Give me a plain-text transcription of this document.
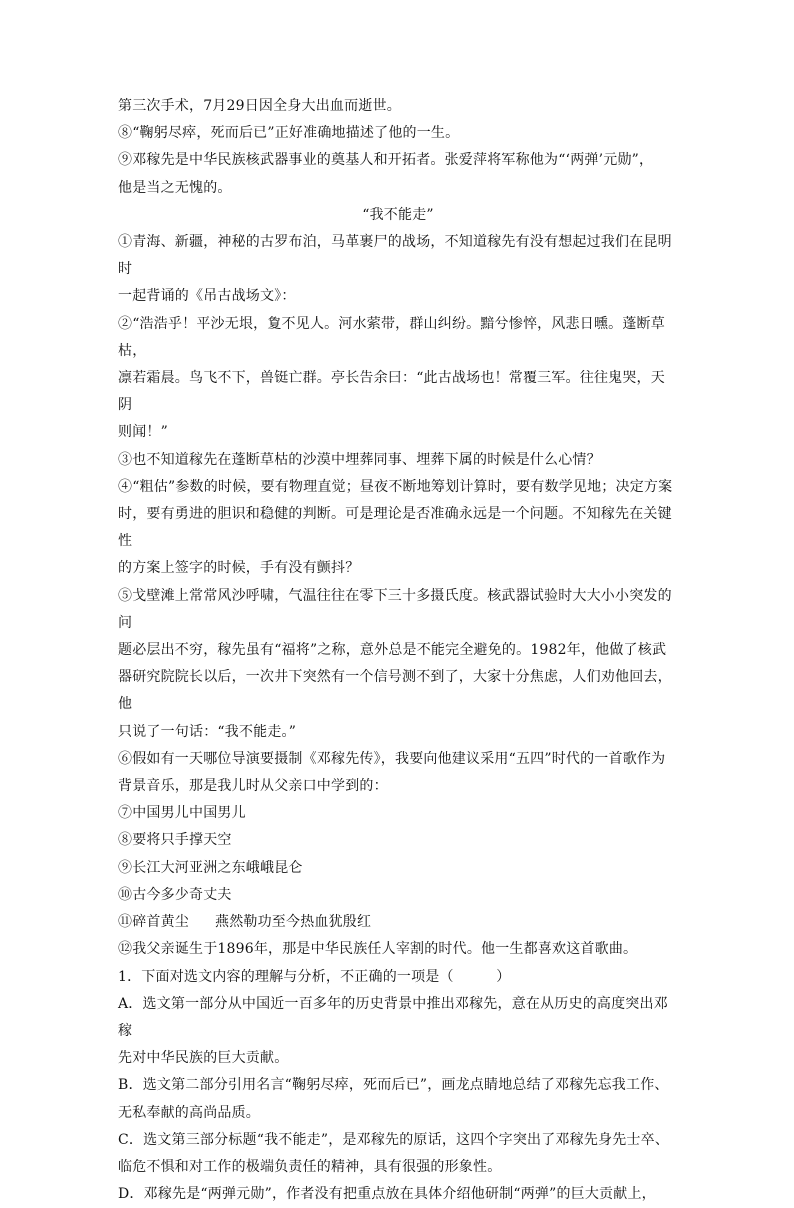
第三次手术，7月29日因全身大出血而逝世。

⑧“鞠躬尽瘁，死而后已”正好准确地描述了他的一生。

⑨邓稼先是中华民族核武器事业的奠基人和开拓者。张爱萍将军称他为“‘两弹’元勋”，

他是当之无愧的。

“我不能走”

①青海、新疆，神秘的古罗布泊，马革裹尸的战场，不知道稼先有没有想起过我们在昆明时

一起背诵的《吊古战场文》：

②“浩浩乎！平沙无垠，夐不见人。河水萦带，群山纠纷。黯兮惨悴，风悲日曛。蓬断草枯，

凛若霜晨。鸟飞不下，兽铤亡群。亭长告余曰：“此古战场也！常覆三军。往往鬼哭，天阴

则闻！”

③也不知道稼先在蓬断草枯的沙漠中埋葬同事、埋葬下属的时候是什么心情？

④“粗估”参数的时候，要有物理直觉；昼夜不断地筹划计算时，要有数学见地；决定方案

时，要有勇进的胆识和稳健的判断。可是理论是否准确永远是一个问题。不知稼先在关键性

的方案上签字的时候，手有没有颤抖？

⑤戈壁滩上常常风沙呼啸，气温往往在零下三十多摄氏度。核武器试验时大大小小突发的问

题必层出不穷，稼先虽有“福将”之称，意外总是不能完全避免的。1982年，他做了核武

器研究院院长以后，一次井下突然有一个信号测不到了，大家十分焦虑，人们劝他回去，他

只说了一句话：“我不能走。”

⑥假如有一天哪位导演要摄制《邓稼先传》，我要向他建议采用“五四”时代的一首歌作为

背景音乐，那是我儿时从父亲口中学到的：

⑦中国男儿中国男儿

⑧要将只手撑天空

⑨长江大河亚洲之东峨峨昆仑

⑩古今多少奇丈夫

⑪碎首黄尘 燕然勒功至今热血犹殷红

⑫我父亲诞生于1896年，那是中华民族任人宰割的时代。他一生都喜欢这首歌曲。

1．下面对选文内容的理解与分析，不正确的一项是（　　　）

A．选文第一部分从中国近一百多年的历史背景中推出邓稼先，意在从历史的高度突出邓稼

先对中华民族的巨大贡献。

B．选文第二部分引用名言“鞠躬尽瘁，死而后已”，画龙点睛地总结了邓稼先忘我工作、

无私奉献的高尚品质。

C．选文第三部分标题“我不能走”，是邓稼先的原话，这四个字突出了邓稼先身先士卒、

临危不惧和对工作的极端负责任的精神，具有很强的形象性。

D．邓稼先是“两弹元勋”，作者没有把重点放在具体介绍他研制“两弹”的巨大贡献上，
